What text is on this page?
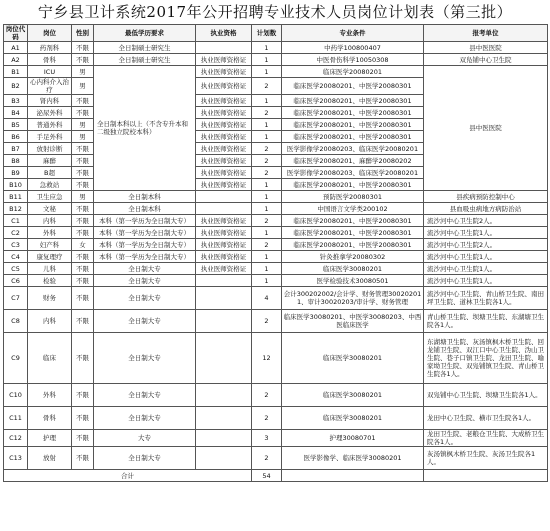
宁乡县卫计系统2017年公开招聘专业技术人员岗位计划表（第三批）
岗位代码	岗位	性别	最低学历要求	执业资格	计划数	专业条件	报考单位
A1	药剂科	不限	全日制硕士研究生		1	中药学100800407	县中医医院
A2	骨科	不限	全日制硕士研究生	执业医师资格证	1	中医骨伤科学10050308	双凫铺中心卫生院
B1	ICU	男	全日制本科以上（不含专升本和二级独立院校本科）	执业医师资格证	1	临床医学20080201	县中医医院
B2	心内科介入治疗	男		执业医师资格证	2	临床医学20080201、中医学20080301	
B3	肾内科	不限		执业医师资格证	1	临床医学20080201、中医学20080301	
B4	泌尿外科	不限		执业医师资格证	2	临床医学20080201、中医学20080301	
B5	普通外科	男		执业医师资格证	1	临床医学20080201、中医学20080301	
B6	手足外科	男		执业医师资格证	1	临床医学20080201、中医学20080301	
B7	放射诊断	不限		执业医师资格证	2	医学影像学20080203、临床医学20080201	
B8	麻醉	不限		执业医师资格证	2	临床医学20080201、麻醉学20080202	
B9	B超	不限		执业医师资格证	2	医学影像学20080203、临床医学20080201	
B10	急救站	不限		执业医师资格证	1	临床医学20080201、中医学20080301	
B11	卫生应急	男	全日制本科		1	预防医学20080301	县疾病预防控制中心
B12	文秘	不限	全日制本科		1	中国语言文学类200102	县血吸虫病地方病防治站
C1	内科	不限	本科（第一学历为全日制大专）	执业医师资格证	2	临床医学20080201、中医学20080301	流沙河中心卫生院2人。
C2	外科	不限	本科（第一学历为全日制大专）	执业医师资格证	1	临床医学20080201、中医学20080301	流沙河中心卫生院1人。
C3	妇产科	女	本科（第一学历为全日制大专）	执业医师资格证	2	临床医学20080201、中医学20080301	流沙河中心卫生院2人。
C4	康复理疗	不限	本科（第一学历为全日制大专）	执业医师资格证	1	针灸推拿学20080302	流沙河中心卫生院1人。
C5	儿科	不限	全日制大专	执业医师资格证	1	临床医学30080201	流沙河中心卫生院1人。
C6	检验	不限	全日制大专		1	医学检验技术30080501	流沙河中心卫生院1人。
C7	财务	不限	全日制大专		4	会计300202002/会计学、财务管理300202011、审计30020203/审计学、财务管理	流沙河中心卫生院、青山桥卫生院、南田坪卫生院、道林卫生院各1人。
C8	内科	不限	全日制大专		2	临床医学30080201、中医学30080203、中西医临床医学	青山桥卫生院、坝塘卫生院、东湖塘卫生院各1人。
C9	临床	不限	全日制大专		12	临床医学30080201	东湖塘卫生院、灰汤镇枫木桥卫生院、回龙铺卫生院、双江口中心卫生院、沩山卫生院、巷子口镇卫生院、龙田卫生院、喻家坳卫生院、双凫铺镇卫生院、青山桥卫生院各1人。
C10	外科	不限	全日制大专		2	临床医学30080201	双凫铺中心卫生院、坝塘卫生院各1人。
C11	骨科	不限	全日制大专		2	临床医学30080201	龙田中心卫生院、横市卫生院各1人。
C12	护理	不限	大专		3	护理30080701	龙田卫生院、老粮仓卫生院、大成桥卫生院各1人。
C13	放射	不限	全日制大专		2	医学影像学、临床医学30080201	灰汤镇枫木桥卫生院、灰汤卫生院各1人。
合计					54		
